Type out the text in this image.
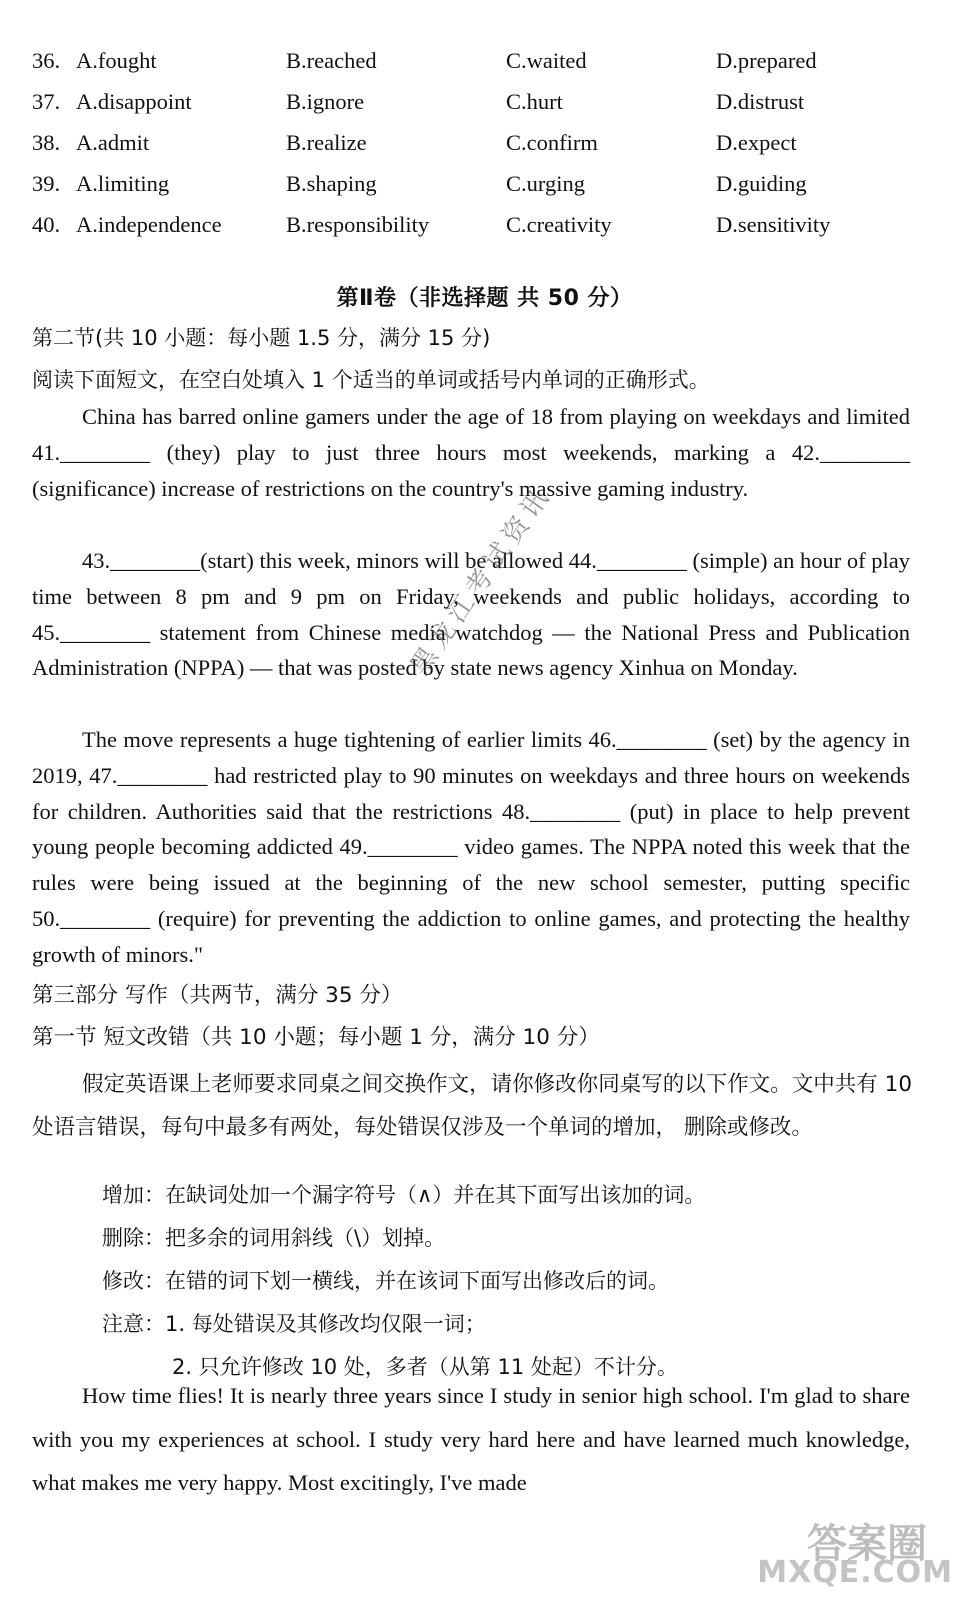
36. A.fought	B.reached	C.waited	D.prepared
37. A.disappoint	B.ignore	C.hurt	D.distrust
38. A.admit	B.realize	C.confirm	D.expect
39. A.limiting	B.shaping	C.urging	D.guiding
40. A.independence	B.responsibility	C.creativity	D.sensitivity
第Ⅱ卷（非选择题 共 50 分）
第二节(共 10 小题：每小题 1.5 分，满分 15 分)
阅读下面短文，在空白处填入 1 个适当的单词或括号内单词的正确形式。
China has barred online gamers under the age of 18 from playing on weekdays and limited 41.________ (they) play to just three hours most weekends, marking a 42.________ (significance) increase of restrictions on the country's massive gaming industry.
43.________(start) this week, minors will be allowed 44.________ (simple) an hour of play time between 8 pm and 9 pm on Friday, weekends and public holidays, according to 45.________ statement from Chinese media watchdog — the National Press and Publication Administration (NPPA) — that was posted by state news agency Xinhua on Monday.
The move represents a huge tightening of earlier limits 46.________ (set) by the agency in 2019, 47.________ had restricted play to 90 minutes on weekdays and three hours on weekends for children. Authorities said that the restrictions 48.________ (put) in place to help prevent young people becoming addicted 49.________ video games. The NPPA noted this week that the rules were being issued at the beginning of the new school semester, putting specific 50.________ (require) for preventing the addiction to online games, and protecting the healthy growth of minors."
第三部分 写作（共两节，满分 35 分）
第一节 短文改错（共 10 小题；每小题 1 分，满分 10 分）
假定英语课上老师要求同桌之间交换作文，请你修改你同桌写的以下作文。文中共有 10 处语言错误，每句中最多有两处，每处错误仅涉及一个单词的增加， 删除或修改。
增加：在缺词处加一个漏字符号（∧）并在其下面写出该加的词。
删除：把多余的词用斜线（\）划掉。
修改：在错的词下划一横线，并在该词下面写出修改后的词。
注意：1. 每处错误及其修改均仅限一词；
2. 只允许修改 10 处，多者（从第 11 处起）不计分。
How time flies! It is nearly three years since I study in senior high school. I'm glad to share with you my experiences at school. I study very hard here and have learned much knowledge, what makes me very happy. Most excitingly, I've made
黑龙江考试资讯
答案圈
MXQE.COM
